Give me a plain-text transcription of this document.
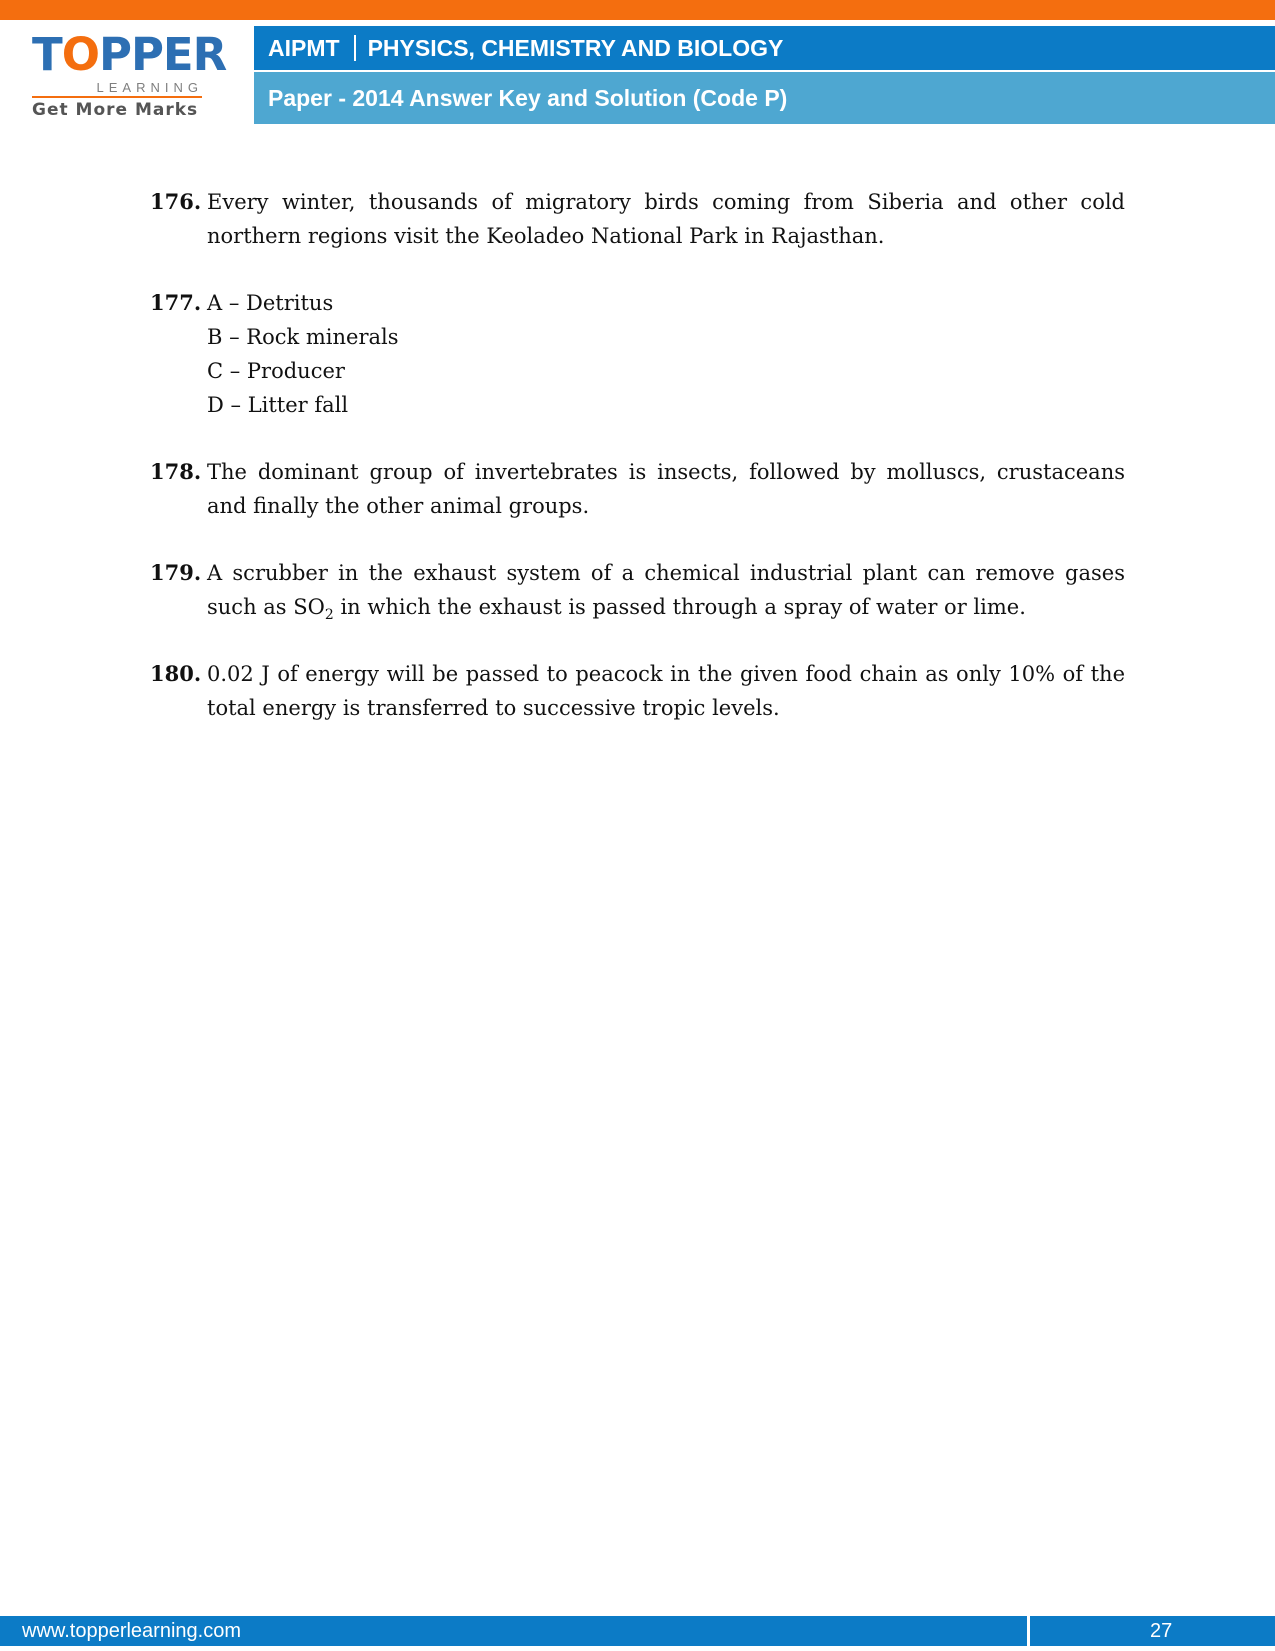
TOPPER
LEARNING
Get More Marks
AIPMT PHYSICS, CHEMISTRY AND BIOLOGY
Paper - 2014 Answer Key and Solution (Code P)
176. Every winter, thousands of migratory birds coming from Siberia and other cold northern regions visit the Keoladeo National Park in Rajasthan.
177. A – Detritus
B – Rock minerals
C – Producer
D – Litter fall
178. The dominant group of invertebrates is insects, followed by molluscs, crustaceans and finally the other animal groups.
179. A scrubber in the exhaust system of a chemical industrial plant can remove gases such as $SO_2$ in which the exhaust is passed through a spray of water or lime.
180. 0.02 J of energy will be passed to peacock in the given food chain as only 10% of the total energy is transferred to successive tropic levels.
www.topperlearning.com	27
